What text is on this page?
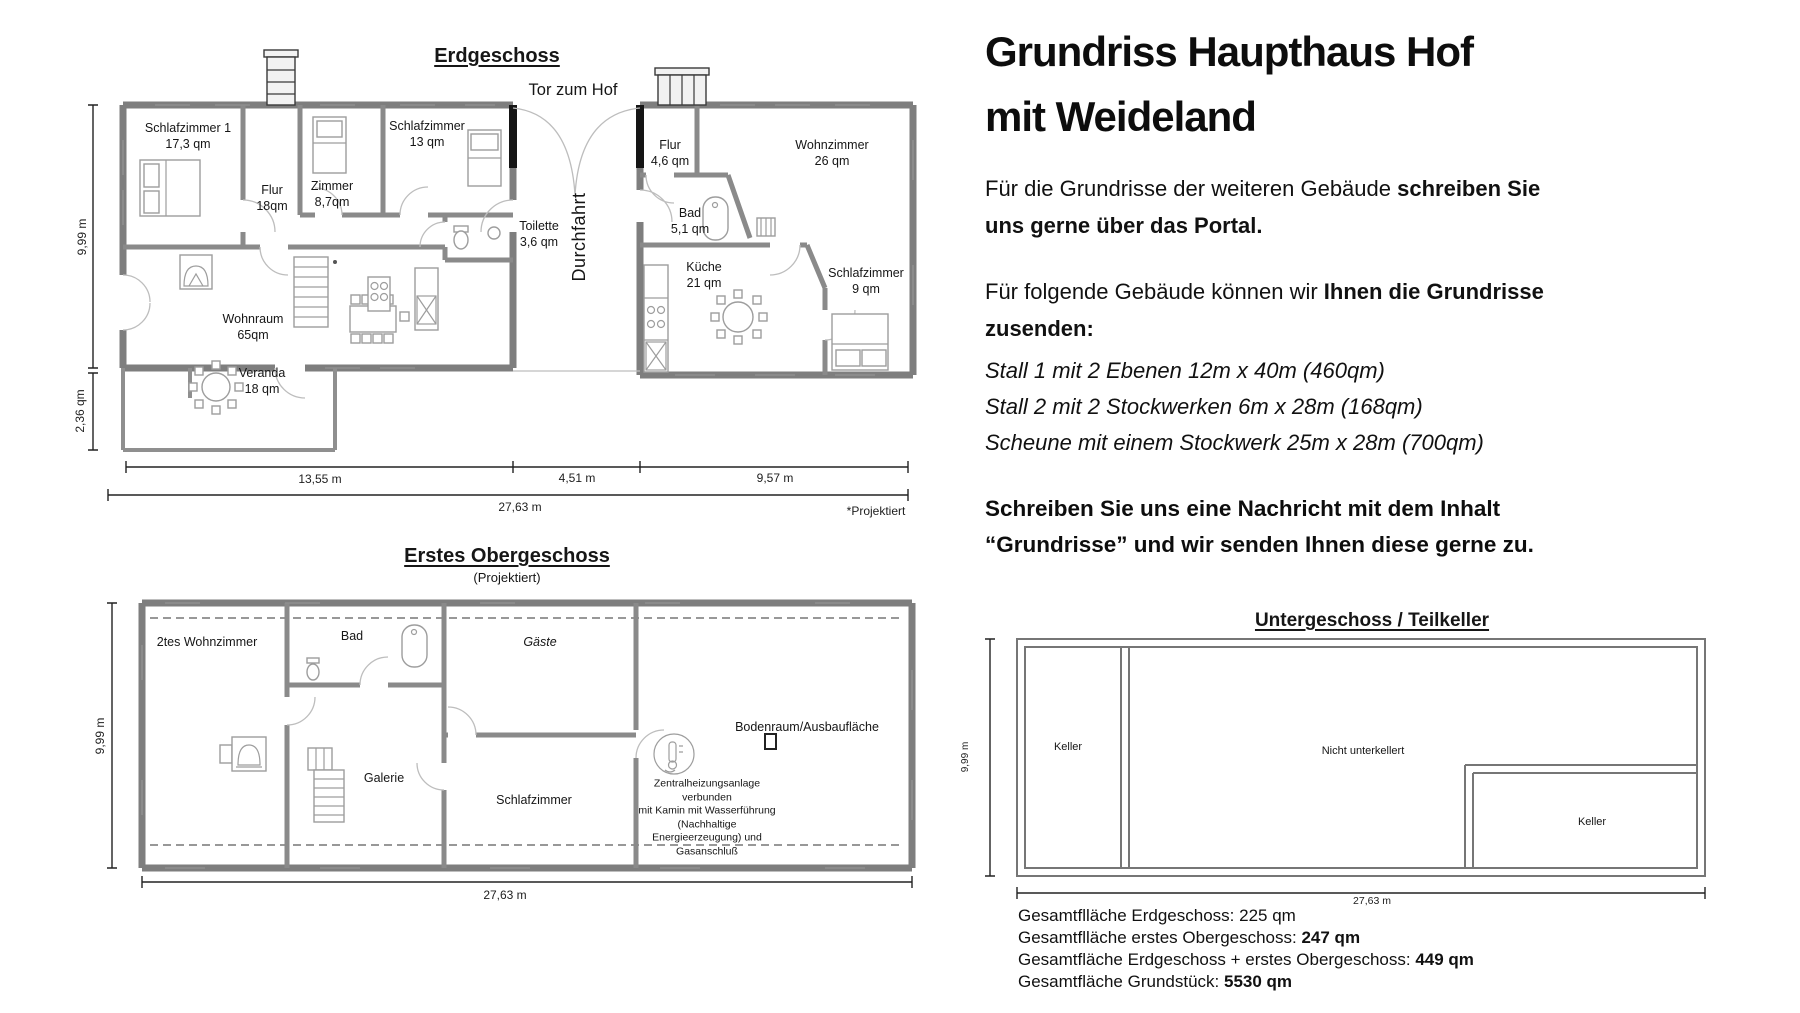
Erdgeschoss
Tor zum Hof
Durchfahrt
Schlafzimmer 1
17,3 qm
Flur
18qm
Zimmer
8,7qm
Schlafzimmer
13 qm
Toilette
3,6 qm
Wohnraum
65qm
Veranda
18 qm
Flur
4,6 qm
Wohnzimmer
26 qm
Bad
5,1 qm
Küche
21 qm
Schlafzimmer
9 qm
9,99 m
2,36 qm
13,55 m	4,51 m	9,57 m
27,63 m	*Projektiert
Erstes Obergeschoss
(Projektiert)
2tes Wohnzimmer	Bad	Gäste
Galerie
Schlafzimmer
Bodenraum/Ausbaufläche
Zentralheizungsanlage
verbunden
mit Kamin mit Wasserführung
(Nachhaltige
Energieerzeugung) und
Gasanschluß
9,99 m
27,63 m
Untergeschoss / Teilkeller
Keller	Nicht unterkellert
Keller
9,99 m
27,63 m
Grundriss Haupthaus Hof
mit Weideland
Für die Grundrisse der weiteren Gebäude schreiben Sie
uns gerne über das Portal.
Für folgende Gebäude können wir Ihnen die Grundrisse
zusenden:
Stall 1 mit 2 Ebenen 12m x 40m (460qm)
Stall 2 mit 2 Stockwerken 6m x 28m (168qm)
Scheune mit einem Stockwerk 25m x 28m (700qm)
Schreiben Sie uns eine Nachricht mit dem Inhalt
“Grundrisse” und wir senden Ihnen diese gerne zu.
Gesamtflläche Erdgeschoss: 225 qm
Gesamtflläche erstes Obergeschoss: 247 qm
Gesamtfläche Erdgeschoss + erstes Obergeschoss: 449 qm
Gesamtfläche Grundstück: 5530 qm
